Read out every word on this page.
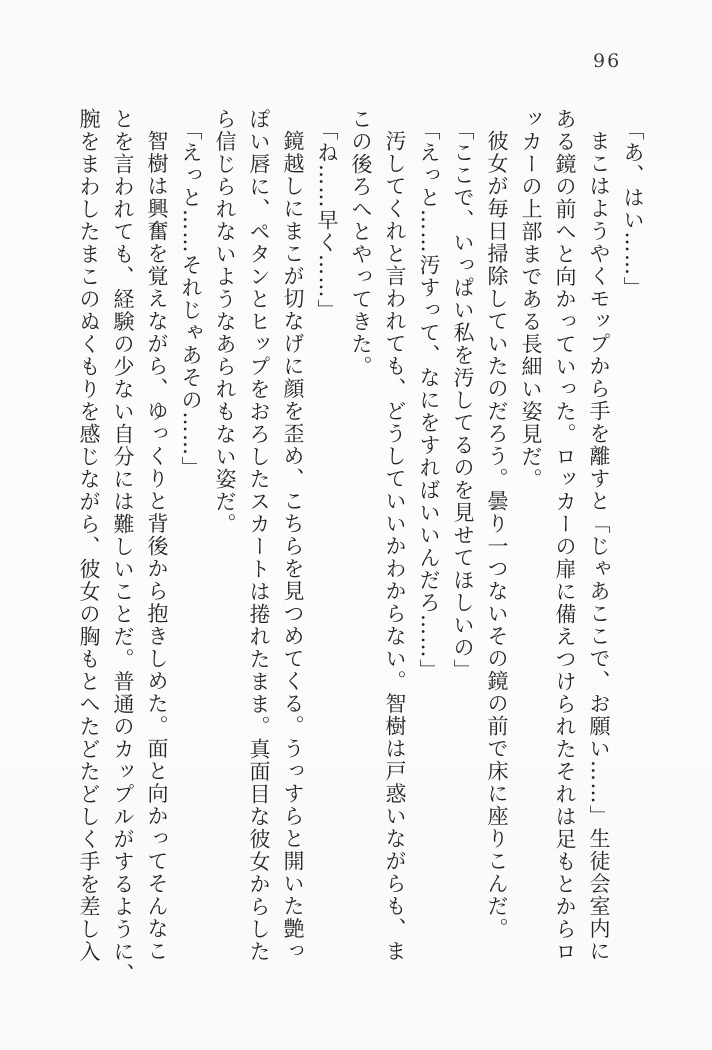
96
「あ、はい……」
まこはようやくモップから手を離すと「じゃあここで、お願い……」生徒会室内に
ある鏡の前へと向かっていった。ロッカーの扉に備えつけられたそれは足もとからロ
ッカーの上部まである長細い姿見だ。
彼女が毎日掃除していたのだろう。曇り一つないその鏡の前で床に座りこんだ。
「ここで、いっぱい私を汚してるのを見せてほしいの」
「えっと……汚すって、なにをすればいいんだろ……」
汚してくれと言われても、どうしていいかわからない。智樹は戸惑いながらも、ま
この後ろへとやってきた。
「ね……早く……」
鏡越しにまこが切なげに顔を歪め、こちらを見つめてくる。うっすらと開いた艶っ
ぽい唇に、ペタンとヒップをおろしたスカートは捲れたまま。真面目な彼女からした
ら信じられないようなあられもない姿だ。
「えっと……それじゃあその……」
智樹は興奮を覚えながら、ゆっくりと背後から抱きしめた。面と向かってそんなこ
とを言われても、経験の少ない自分には難しいことだ。普通のカップルがするように、
腕をまわしたまこのぬくもりを感じながら、彼女の胸もとへたどたどしく手を差し入
